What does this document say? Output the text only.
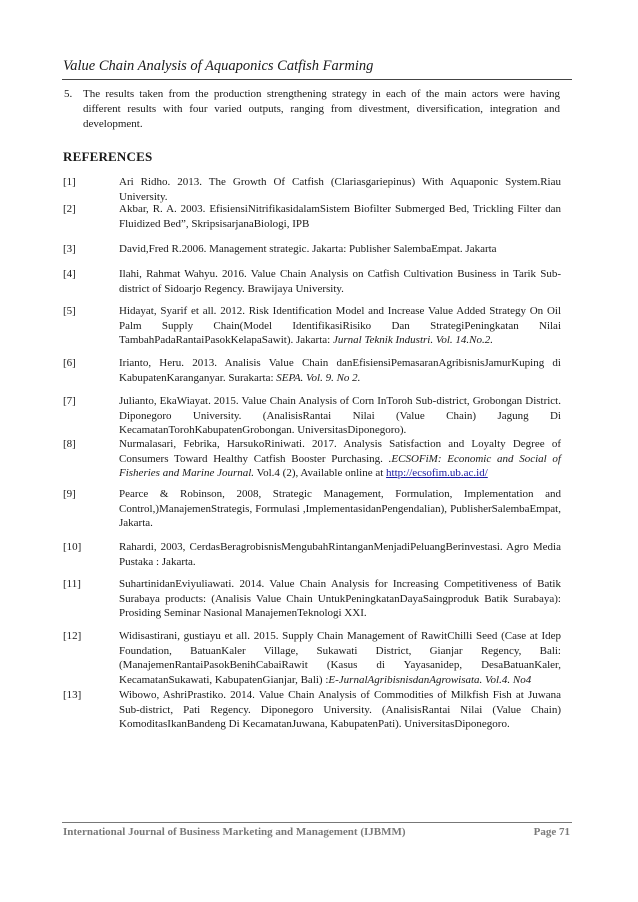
Value Chain Analysis of Aquaponics Catfish Farming
5. The results taken from the production strengthening strategy in each of the main actors were having different results with four varied outputs, ranging from divestment, diversification, integration and development.
REFERENCES
[1]	Ari Ridho. 2013. The Growth Of Catfish (Clariasgariepinus) With Aquaponic System.Riau University.
[2]	Akbar, R. A. 2003. EfisiensiNitrifikasidalamSistem Biofilter Submerged Bed, Trickling Filter dan Fluidized Bed”, SkripsisarjanaBiologi, IPB
[3]	David,Fred R.2006. Management strategic. Jakarta: Publisher SalembaEmpat. Jakarta
[4]	Ilahi, Rahmat Wahyu. 2016. Value Chain Analysis on Catfish Cultivation Business in Tarik Sub-district of Sidoarjo Regency. Brawijaya University.
[5]	Hidayat, Syarif et all. 2012. Risk Identification Model and Increase Value Added Strategy On Oil Palm Supply Chain(Model IdentifikasiRisiko Dan StrategiPeningkatan Nilai TambahPadaRantaiPasokKelapaSawit). Jakarta: Jurnal Teknik Industri. Vol. 14.No.2.
[6]	Irianto, Heru. 2013. Analisis Value Chain danEfisiensiPemasaranAgribisnisJamurKuping di KabupatenKaranganyar. Surakarta: SEPA. Vol. 9. No 2.
[7]	Julianto, EkaWiayat. 2015. Value Chain Analysis of Corn InToroh Sub-district, Grobongan District. Diponegoro University. (AnalisisRantai Nilai (Value Chain) Jagung Di KecamatanTorohKabupatenGrobongan. UniversitasDiponegoro).
[8]	Nurmalasari, Febrika, HarsukoRiniwati. 2017. Analysis Satisfaction and Loyalty Degree of Consumers Toward Healthy Catfish Booster Purchasing. .ECSOFiM: Economic and Social of Fisheries and Marine Journal. Vol.4 (2), Available online at http://ecsofim.ub.ac.id/
[9]	Pearce & Robinson, 2008, Strategic Management, Formulation, Implementation and Control,)ManajemenStrategis, Formulasi ,ImplementasidanPengendalian), PublisherSalembaEmpat, Jakarta.
[10]	Rahardi, 2003, CerdasBeragrobisnisMengubahRintanganMenjadiPeluangBerinvestasi. Agro Media Pustaka : Jakarta.
[11]	SuhartinidanEviyuliawati. 2014. Value Chain Analysis for Increasing Competitiveness of Batik Surabaya products: (Analisis Value Chain UntukPeningkatanDayaSaingproduk Batik Surabaya): Prosiding Seminar Nasional ManajemenTeknologi XXI.
[12]	Widisastirani, gustiayu et all. 2015. Supply Chain Management of RawitChilli Seed (Case at Idep Foundation, BatuanKaler Village, Sukawati District, Gianjar Regency, Bali: (ManajemenRantaiPasokBenihCabaiRawit (Kasus di Yayasanidep, DesaBatuanKaler, KecamatanSukawati, KabupatenGianjar, Bali) :E-JurnalAgribisnisdanAgrowisata. Vol.4. No4
[13]	Wibowo, AshriPrastiko. 2014. Value Chain Analysis of Commodities of Milkfish Fish at Juwana Sub-district, Pati Regency. Diponegoro University. (AnalisisRantai Nilai (Value Chain) KomoditasIkanBandeng Di KecamatanJuwana, KabupatenPati). UniversitasDiponegoro.
International Journal of Business Marketing and Management (IJBMM)	Page 71
